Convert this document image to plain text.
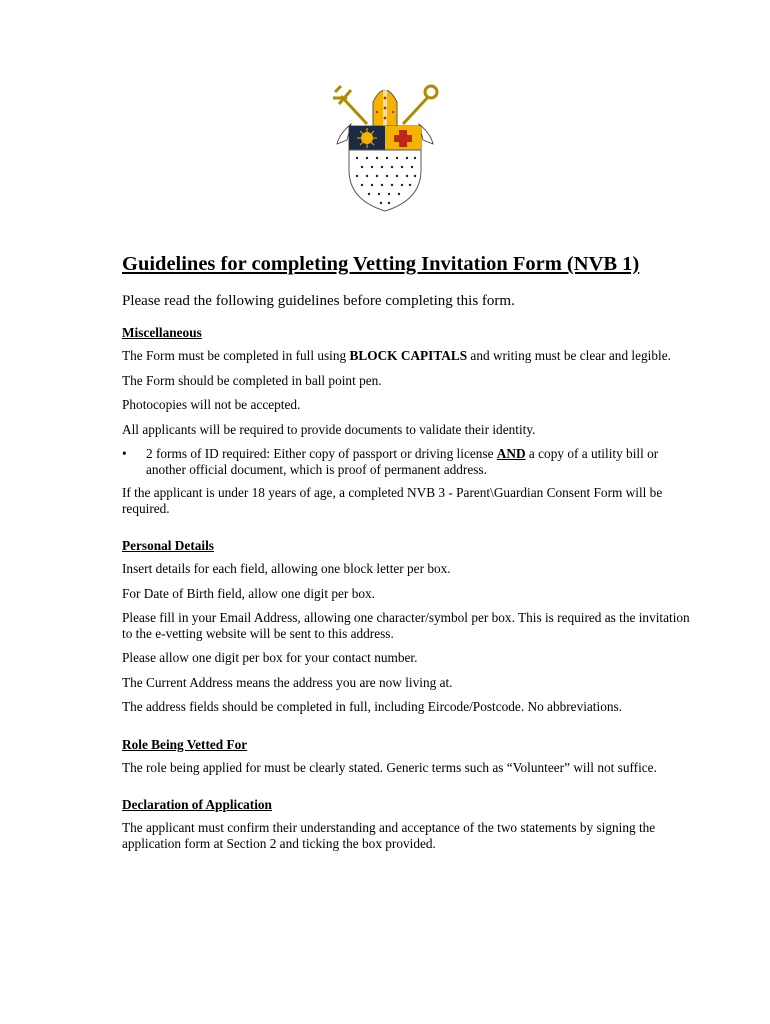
Guidelines for completing Vetting Invitation Form (NVB 1)
Please read the following guidelines before completing this form.
Miscellaneous
The Form must be completed in full using BLOCK CAPITALS and writing must be clear and legible.
The Form should be completed in ball point pen.
Photocopies will not be accepted.
All applicants will be required to provide documents to validate their identity.
•	2 forms of ID required: Either copy of passport or driving license AND a copy of a utility bill or another official document, which is proof of permanent address.
If the applicant is under 18 years of age, a completed NVB 3 - Parent\Guardian Consent Form will be required.
Personal Details
Insert details for each field, allowing one block letter per box.
For Date of Birth field, allow one digit per box.
Please fill in your Email Address, allowing one character/symbol per box. This is required as the invitation to the e-vetting website will be sent to this address.
Please allow one digit per box for your contact number.
The Current Address means the address you are now living at.
The address fields should be completed in full, including Eircode/Postcode. No abbreviations.
Role Being Vetted For
The role being applied for must be clearly stated. Generic terms such as “Volunteer” will not suffice.
Declaration of Application
The applicant must confirm their understanding and acceptance of the two statements by signing the application form at Section 2 and ticking the box provided.
